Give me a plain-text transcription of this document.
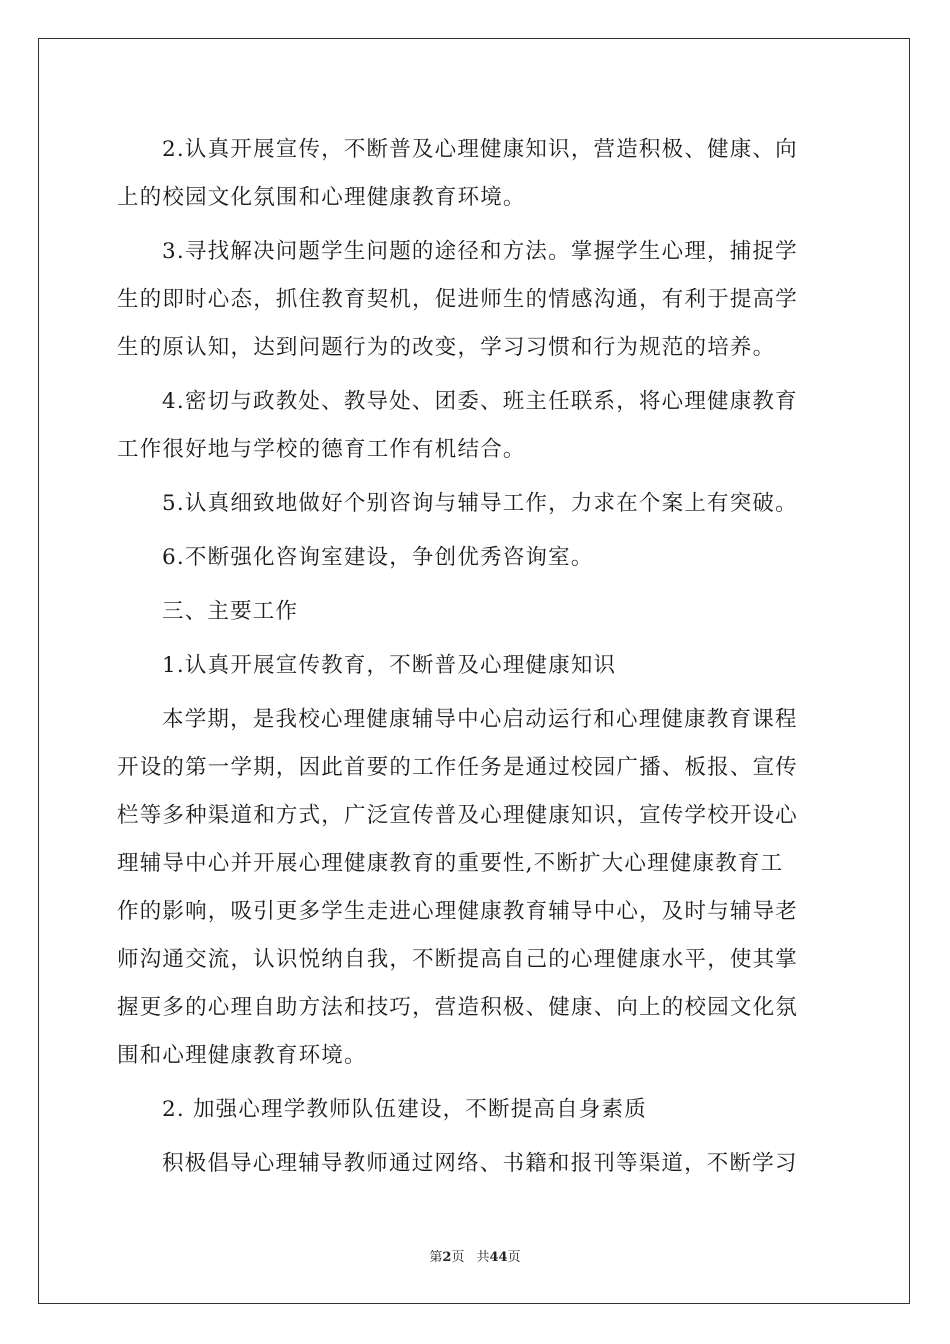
2.认真开展宣传，不断普及心理健康知识，营造积极、健康、向
上的校园文化氛围和心理健康教育环境。
3.寻找解决问题学生问题的途径和方法。掌握学生心理，捕捉学
生的即时心态，抓住教育契机，促进师生的情感沟通，有利于提高学
生的原认知，达到问题行为的改变，学习习惯和行为规范的培养。
4.密切与政教处、教导处、团委、班主任联系，将心理健康教育
工作很好地与学校的德育工作有机结合。
5.认真细致地做好个别咨询与辅导工作，力求在个案上有突破。
6.不断强化咨询室建设，争创优秀咨询室。
三、主要工作
1.认真开展宣传教育，不断普及心理健康知识
本学期，是我校心理健康辅导中心启动运行和心理健康教育课程
开设的第一学期，因此首要的工作任务是通过校园广播、板报、宣传
栏等多种渠道和方式，广泛宣传普及心理健康知识，宣传学校开设心
理辅导中心并开展心理健康教育的重要性,不断扩大心理健康教育工
作的影响，吸引更多学生走进心理健康教育辅导中心，及时与辅导老
师沟通交流，认识悦纳自我，不断提高自己的心理健康水平，使其掌
握更多的心理自助方法和技巧，营造积极、健康、向上的校园文化氛
围和心理健康教育环境。
2. 加强心理学教师队伍建设，不断提高自身素质
积极倡导心理辅导教师通过网络、书籍和报刊等渠道，不断学习
第2页 共44页
